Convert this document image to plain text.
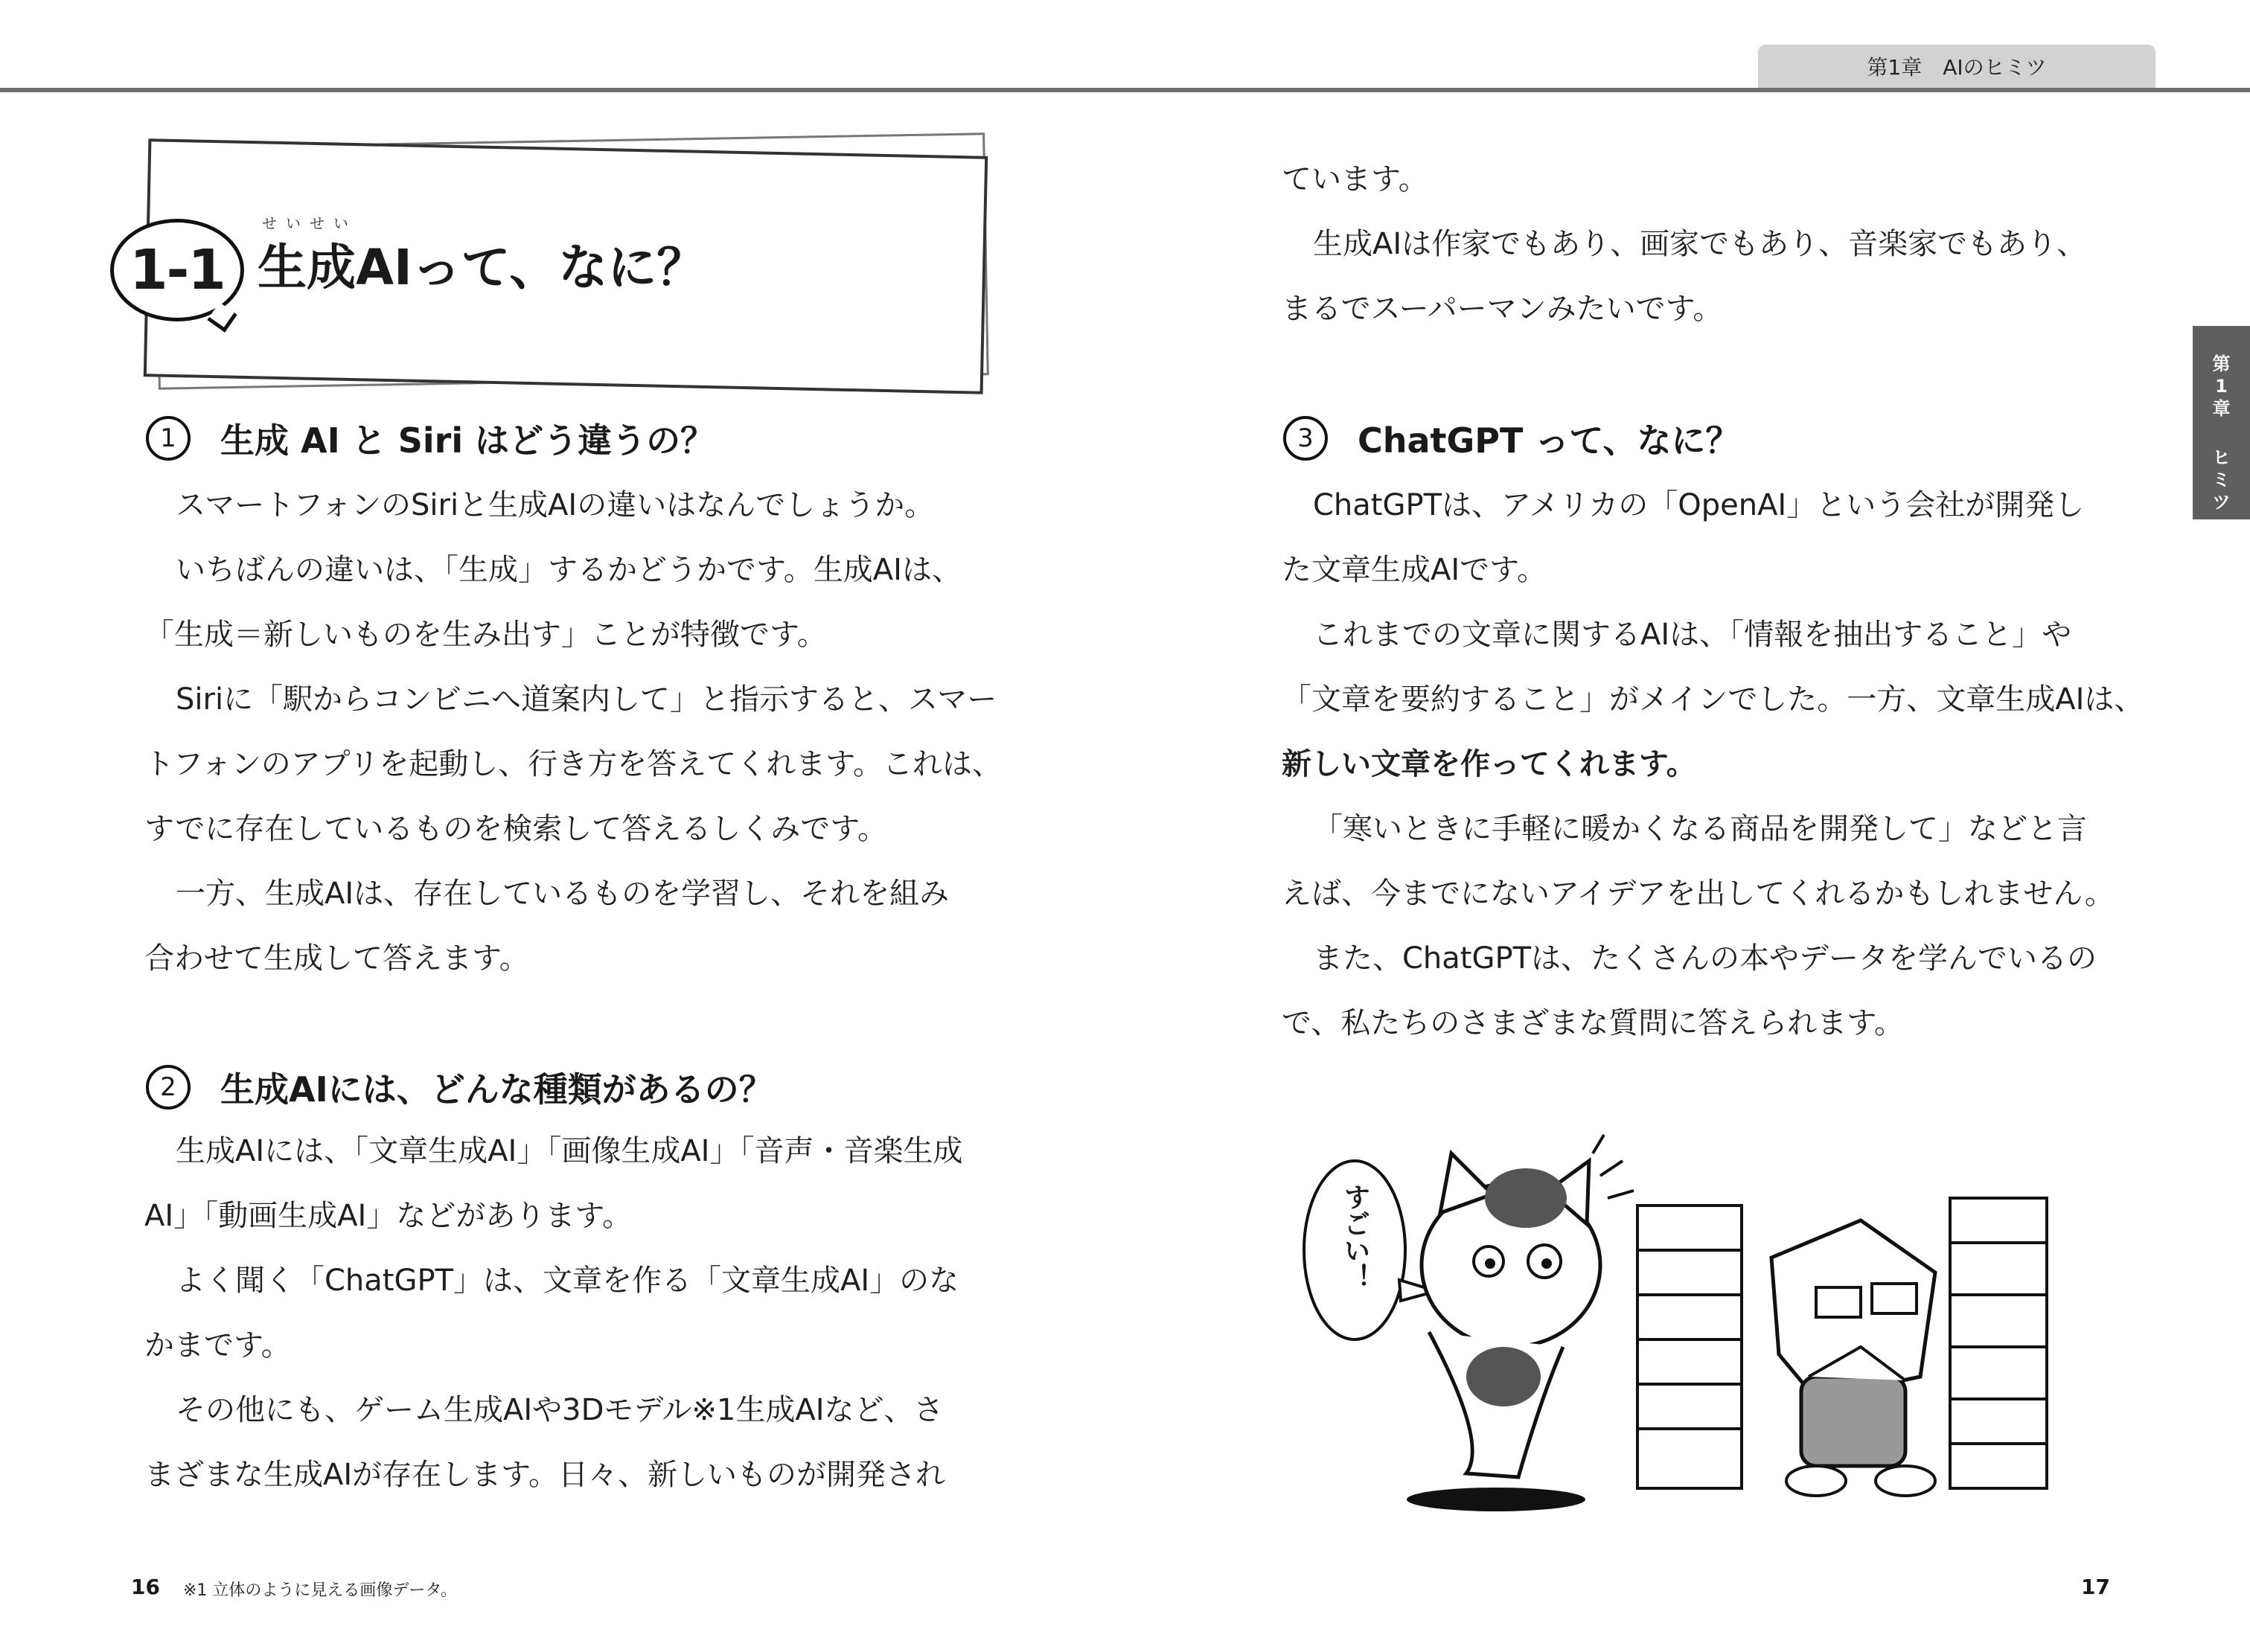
第1章　AIのヒミツ
第
1
章
ヒ
ミ
ツ
1-1
せいせい
生成AIって、なに？
1	生成 AI と Siri はどう違うの？
スマートフォンのSiriと生成AIの違いはなんでしょうか。
いちばんの違いは、「生成」するかどうかです。生成AIは、
「生成＝新しいものを生み出す」ことが特徴です。
Siriに「駅からコンビニへ道案内して」と指示すると、スマー
トフォンのアプリを起動し、行き方を答えてくれます。これは、
すでに存在しているものを検索して答えるしくみです。
一方、生成AIは、存在しているものを学習し、それを組み
合わせて生成して答えます。
2	生成AIには、どんな種類があるの？
生成AIには、「文章生成AI」「画像生成AI」「音声・音楽生成
AI」「動画生成AI」などがあります。
よく聞く「ChatGPT」は、文章を作る「文章生成AI」のな
かまです。
その他にも、ゲーム生成AIや3Dモデル※1生成AIなど、さ
まざまな生成AIが存在します。日々、新しいものが開発され
16 ※1 立体のように見える画像データ。
ています。
生成AIは作家でもあり、画家でもあり、音楽家でもあり、
まるでスーパーマンみたいです。
3	ChatGPT って、なに？
ChatGPTは、アメリカの「OpenAI」という会社が開発し
た文章生成AIです。
これまでの文章に関するAIは、「情報を抽出すること」や
「文章を要約すること」がメインでした。一方、文章生成AIは、
新しい文章を作ってくれます。
「寒いときに手軽に暖かくなる商品を開発して」などと言
えば、今までにないアイデアを出してくれるかもしれません。
また、ChatGPTは、たくさんの本やデータを学んでいるの
で、私たちのさまざまな質問に答えられます。
すごい！
17
